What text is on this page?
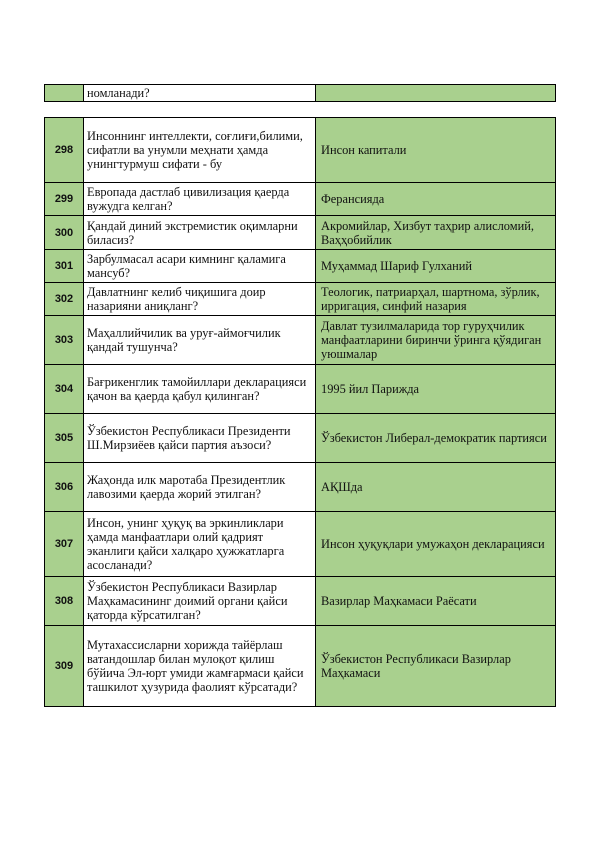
	номланади?	
298	Инсоннинг интеллекти, соғлиғи,билими, сифатли ва унумли меҳнати ҳамда унингтурмуш сифати - бу	Инсон капитали
299	Европада дастлаб цивилизация қаерда вужудга келган?	Ферансияда
300	Қандай диний экстремистик оқимларни биласиз?	Акромийлар, Хизбут таҳрир алисломий, Ваҳҳобийлик
301	Зарбулмасал асари кимнинг қаламига мансуб?	Муҳаммад Шариф Гулханий
302	Давлатнинг келиб чиқишига доир назарияни аниқланг?	Теологик, патриарҳал, шартнома, зўрлик, ирригация, синфий назария
303	Маҳаллийчилик ва уруғ-аймоғчилик қандай тушунча?	Давлат тузилмаларида тор гуруҳчилик манфаатларини биринчи ўринга қўядиган уюшмалар
304	Бағрикенглик тамойиллари декларацияси қачон ва қаерда қабул қилинган?	1995 йил Парижда
305	Ўзбекистон Республикаси Президенти Ш.Мирзиёев қайси партия аъзоси?	Ўзбекистон Либерал-демократик партияси
306	Жаҳонда илк маротаба Президентлик лавозими қаерда жорий этилган?	АҚШда
307	Инсон, унинг ҳуқуқ ва эркинликлари ҳамда манфаатлари олий қадрият эканлиги қайси халқаро ҳужжатларга асосланади?	Инсон ҳуқуқлари умужаҳон декларацияси
308	Ўзбекистон Республикаси Вазирлар Маҳкамасининг доимий органи қайси қаторда кўрсатилган?	Вазирлар Маҳкамаси Раёсати
309	Мутахассисларни хорижда тайёрлаш ватандошлар билан мулоқот қилиш бўйича Эл-юрт умиди жамғармаси қайси ташкилот ҳузурида фаолият кўрсатади?	Ўзбекистон Республикаси Вазирлар Маҳкамаси
